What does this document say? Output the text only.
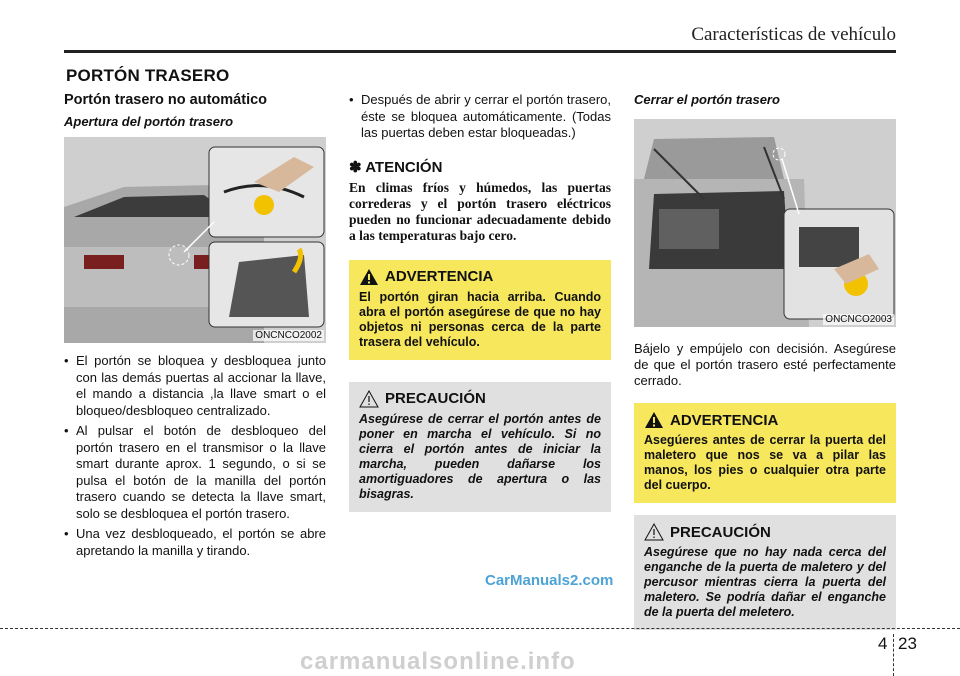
Características de vehículo
PORTÓN TRASERO
Portón trasero no automático
Apertura del portón trasero
ONCNCO2002
• El portón se bloquea y desbloquea junto con las demás puertas al accionar la llave, el mando a distancia ,la llave smart o el bloqueo/desbloqueo centralizado.
• Al pulsar el botón de desbloqueo del portón trasero en el transmisor o la llave smart durante aprox. 1 segundo, o si se pulsa el botón de la manilla del portón trasero cuando se detecta la llave smart, solo se desbloquea el portón trasero.
• Una vez desbloqueado, el portón se abre apretando la manilla y tirando.
• Después de abrir y cerrar el portón trasero, éste se bloquea automáticamente. (Todas las puertas deben estar bloqueadas.)
✽ ATENCIÓN
En climas fríos y húmedos, las puertas correderas y el portón trasero eléctricos pueden no funcionar adecuadamente debido a las temperaturas bajo cero.
ADVERTENCIA
El portón giran hacia arriba. Cuando abra el portón asegúrese de que no hay objetos ni personas cerca de la parte trasera del vehículo.
PRECAUCIÓN
Asegúrese de cerrar el portón antes de poner en marcha el vehículo. Si no cierra el portón antes de iniciar la marcha, pueden dañarse los amortiguadores de apertura o las bisagras.
Cerrar el portón trasero
ONCNCO2003
Bájelo y empújelo con decisión. Asegúrese de que el portón trasero esté perfectamente cerrado.
ADVERTENCIA
Asegúeres antes de cerrar la puerta del maletero que nos se va a pilar las manos, los pies o cualquier otra parte del cuerpo.
PRECAUCIÓN
Asegúrese que no hay nada cerca del enganche de la puerta de maletero y del percusor mientras cierra la puerta del maletero. Se podría dañar el enganche de la puerta del meletero.
CarManuals2.com
4 23
carmanualsonline.info
